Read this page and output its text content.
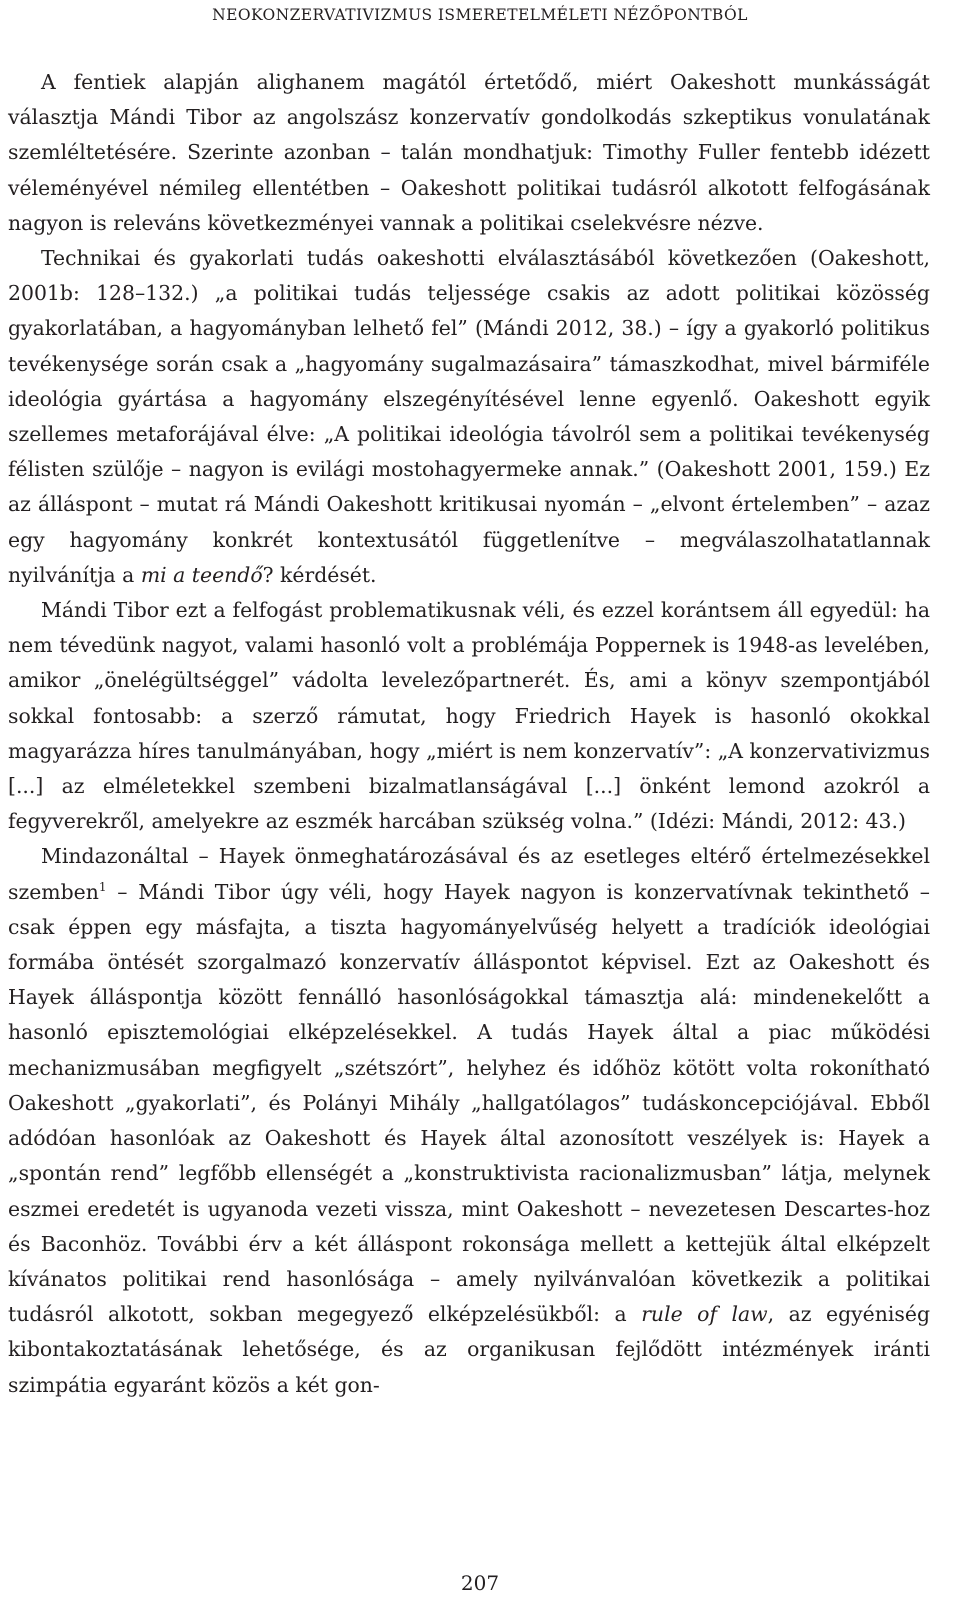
NEOKONZERVATIVIZMUS ISMERETELMÉLETI NÉZŐPONTBÓL

A fentiek alapján alighanem magától értetődő, miért Oakeshott munkásságát választja Mándi Tibor az angolszász konzervatív gondolkodás szkeptikus vonulatának szemléltetésére. Szerinte azonban – talán mondhatjuk: Timothy Fuller fentebb idézett véleményével némileg ellentétben – Oakeshott politikai tudásról alkotott felfogásának nagyon is releváns következményei vannak a politikai cselekvésre nézve.

Technikai és gyakorlati tudás oakeshotti elválasztásából következően (Oakeshott, 2001b: 128–132.) „a politikai tudás teljessége csakis az adott politikai közösség gyakorlatában, a hagyományban lelhető fel” (Mándi 2012, 38.) – így a gyakorló politikus tevékenysége során csak a „hagyomány sugalmazásaira” támaszkodhat, mivel bármiféle ideológia gyártása a hagyomány elszegényítésével lenne egyenlő. Oakeshott egyik szellemes metaforájával élve: „A politikai ideológia távolról sem a politikai tevékenység félisten szülője – nagyon is evilági mostohagyermeke annak.” (Oakeshott 2001, 159.) Ez az álláspont – mutat rá Mándi Oakeshott kritikusai nyomán – „elvont értelemben” – azaz egy hagyomány konkrét kontextusától függetlenítve – megválaszolhatatlannak nyilvánítja a mi a teendő? kérdését.

Mándi Tibor ezt a felfogást problematikusnak véli, és ezzel korántsem áll egyedül: ha nem tévedünk nagyot, valami hasonló volt a problémája Poppernek is 1948-as levelében, amikor „önelégültséggel” vádolta levelezőpartnerét. És, ami a könyv szempontjából sokkal fontosabb: a szerző rámutat, hogy Friedrich Hayek is hasonló okokkal magyarázza híres tanulmányában, hogy „miért is nem konzervatív”: „A konzervativizmus [...] az elméletekkel szembeni bizalmatlanságával [...] önként lemond azokról a fegyverekről, amelyekre az eszmék harcában szükség volna.” (Idézi: Mándi, 2012: 43.)

Mindazonáltal – Hayek önmeghatározásával és az esetleges eltérő értelmezésekkel szemben$^1$ – Mándi Tibor úgy véli, hogy Hayek nagyon is konzervatívnak tekinthető – csak éppen egy másfajta, a tiszta hagyományelvűség helyett a tradíciók ideológiai formába öntését szorgalmazó konzervatív álláspontot képvisel. Ezt az Oakeshott és Hayek álláspontja között fennálló hasonlóságokkal támasztja alá: mindenekelőtt a hasonló episztemológiai elképzelésekkel. A tudás Hayek által a piac működési mechanizmusában megfigyelt „szétszórt”, helyhez és időhöz kötött volta rokonítható Oakeshott „gyakorlati”, és Polányi Mihály „hallgatólagos” tudáskoncepciójával. Ebből adódóan hasonlóak az Oakeshott és Hayek által azonosított veszélyek is: Hayek a „spontán rend” legfőbb ellenségét a „konstruktivista racionalizmusban” látja, melynek eszmei eredetét is ugyanoda vezeti vissza, mint Oakeshott – nevezetesen Descartes-hoz és Baconhöz. További érv a két álláspont rokonsága mellett a kettejük által elképzelt kívánatos politikai rend hasonlósága – amely nyilvánvalóan következik a politikai tudásról alkotott, sokban megegyező elképzelésükből: a rule of law, az egyéniség kibontakoztatásának lehetősége, és az organikusan fejlődött intézmények iránti szimpátia egyaránt közös a két gon-

207
